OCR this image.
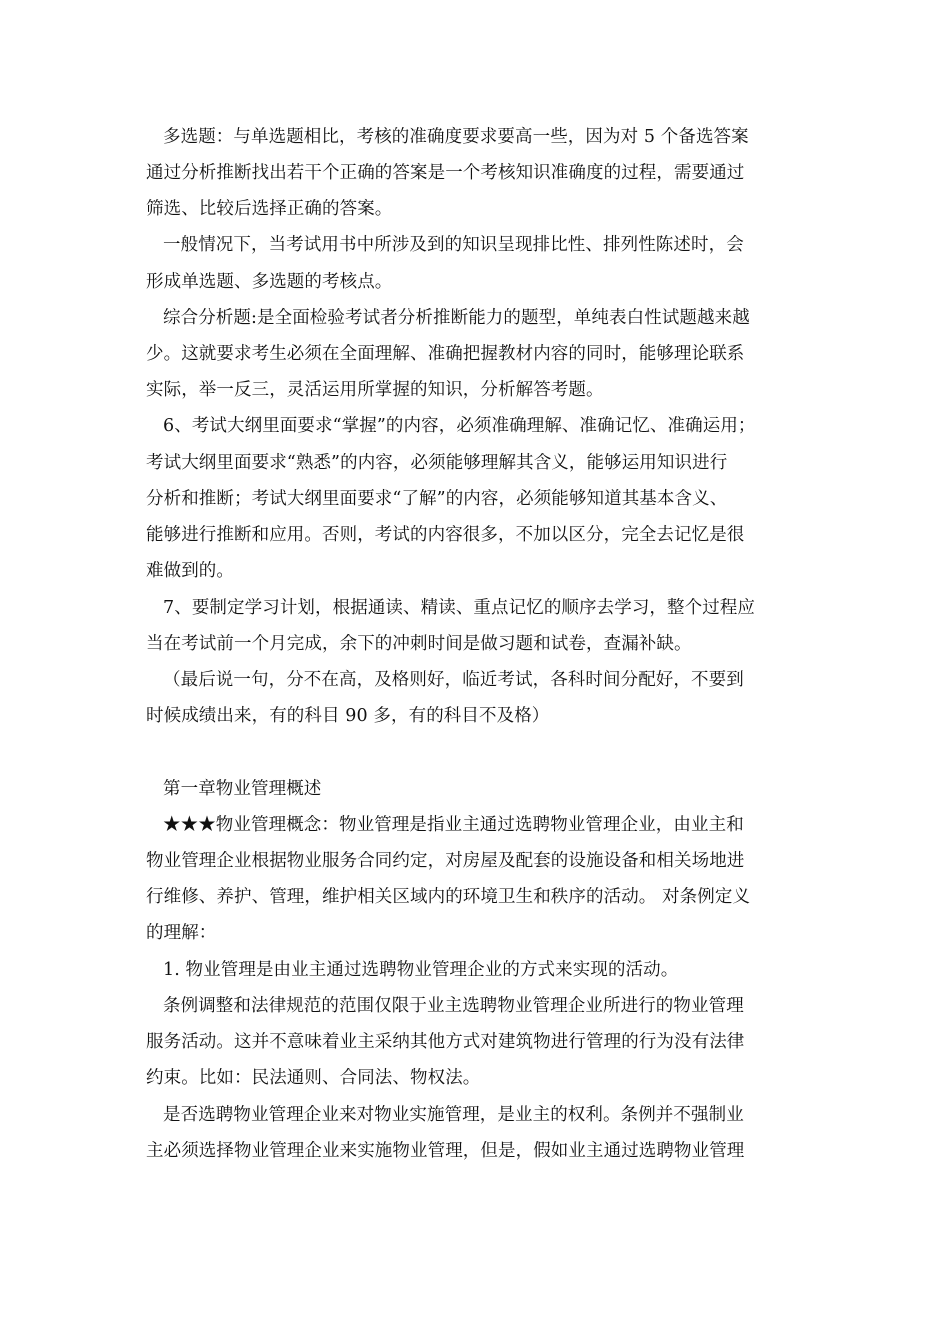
多选题：与单选题相比，考核的准确度要求要高一些，因为对 5 个备选答案
通过分析推断找出若干个正确的答案是一个考核知识准确度的过程，需要通过
筛选、比较后选择正确的答案。
一般情况下，当考试用书中所涉及到的知识呈现排比性、排列性陈述时，会
形成单选题、多选题的考核点。
综合分析题:是全面检验考试者分析推断能力的题型，单纯表白性试题越来越
少。这就要求考生必须在全面理解、准确把握教材内容的同时，能够理论联系
实际，举一反三，灵活运用所掌握的知识，分析解答考题。
6、考试大纲里面要求“掌握”的内容，必须准确理解、准确记忆、准确运用；
考试大纲里面要求“熟悉”的内容，必须能够理解其含义，能够运用知识进行
分析和推断；考试大纲里面要求“了解”的内容，必须能够知道其基本含义、
能够进行推断和应用。否则，考试的内容很多，不加以区分，完全去记忆是很
难做到的。
7、要制定学习计划，根据通读、精读、重点记忆的顺序去学习，整个过程应
当在考试前一个月完成，余下的冲刺时间是做习题和试卷，查漏补缺。
（最后说一句，分不在高，及格则好，临近考试，各科时间分配好，不要到
时候成绩出来，有的科目 90 多，有的科目不及格）
第一章物业管理概述
★★★物业管理概念：物业管理是指业主通过选聘物业管理企业，由业主和
物业管理企业根据物业服务合同约定，对房屋及配套的设施设备和相关场地进
行维修、养护、管理，维护相关区域内的环境卫生和秩序的活动。 对条例定义
的理解：
1. 物业管理是由业主通过选聘物业管理企业的方式来实现的活动。
条例调整和法律规范的范围仅限于业主选聘物业管理企业所进行的物业管理
服务活动。这并不意味着业主采纳其他方式对建筑物进行管理的行为没有法律
约束。比如：民法通则、合同法、物权法。
是否选聘物业管理企业来对物业实施管理，是业主的权利。条例并不强制业
主必须选择物业管理企业来实施物业管理，但是，假如业主通过选聘物业管理
